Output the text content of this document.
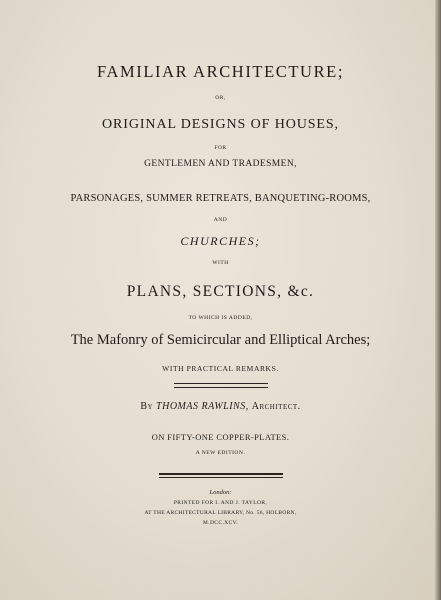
FAMILIAR ARCHITECTURE;
OR,
ORIGINAL DESIGNS OF HOUSES,
FOR
GENTLEMEN AND TRADESMEN,
PARSONAGES, SUMMER RETREATS, BANQUETING-ROOMS,
AND
CHURCHES;
WITH
PLANS, SECTIONS, &c.
TO WHICH IS ADDED,
The Mafonry of Semicircular and Elliptical Arches;
WITH PRACTICAL REMARKS.
By THOMAS RAWLINS, Architect.
ON FIFTY-ONE COPPER-PLATES.
A NEW EDITION.
London:
PRINTED FOR I. AND J. TAYLOR,
AT THE ARCHITECTURAL LIBRARY, No. 56, HOLBORN,
M.DCC.XCV.
